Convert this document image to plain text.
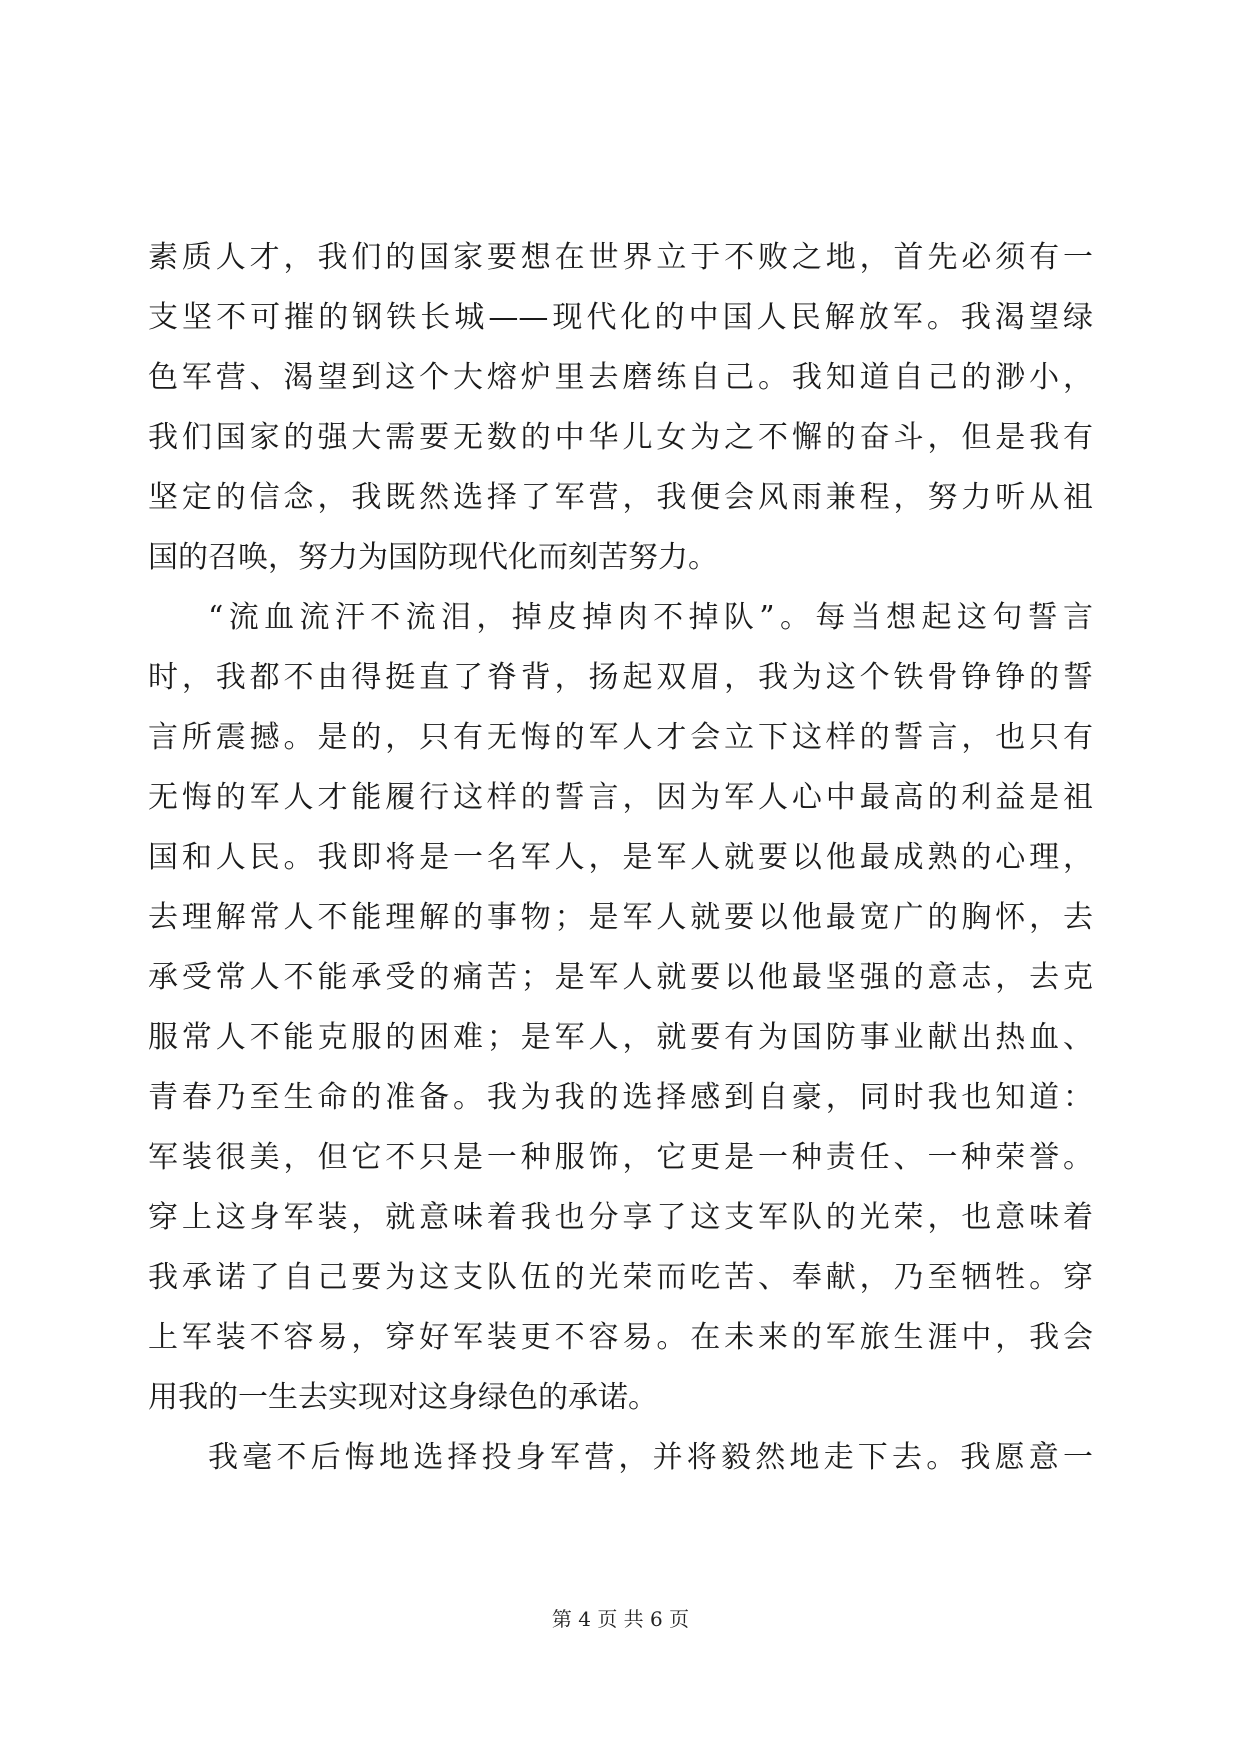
素质人才，我们的国家要想在世界立于不败之地，首先必须有一
支坚不可摧的钢铁长城——现代化的中国人民解放军。我渴望绿
色军营、渴望到这个大熔炉里去磨练自己。我知道自己的渺小，
我们国家的强大需要无数的中华儿女为之不懈的奋斗，但是我有
坚定的信念，我既然选择了军营，我便会风雨兼程，努力听从祖
国的召唤，努力为国防现代化而刻苦努力。
“流血流汗不流泪，掉皮掉肉不掉队”。每当想起这句誓言
时，我都不由得挺直了脊背，扬起双眉，我为这个铁骨铮铮的誓
言所震撼。是的，只有无悔的军人才会立下这样的誓言，也只有
无悔的军人才能履行这样的誓言，因为军人心中最高的利益是祖
国和人民。我即将是一名军人，是军人就要以他最成熟的心理，
去理解常人不能理解的事物；是军人就要以他最宽广的胸怀，去
承受常人不能承受的痛苦；是军人就要以他最坚强的意志，去克
服常人不能克服的困难；是军人，就要有为国防事业献出热血、
青春乃至生命的准备。我为我的选择感到自豪，同时我也知道：
军装很美，但它不只是一种服饰，它更是一种责任、一种荣誉。
穿上这身军装，就意味着我也分享了这支军队的光荣，也意味着
我承诺了自己要为这支队伍的光荣而吃苦、奉献，乃至牺牲。穿
上军装不容易，穿好军装更不容易。在未来的军旅生涯中，我会
用我的一生去实现对这身绿色的承诺。
我毫不后悔地选择投身军营，并将毅然地走下去。我愿意一
第 4 页 共 6 页
